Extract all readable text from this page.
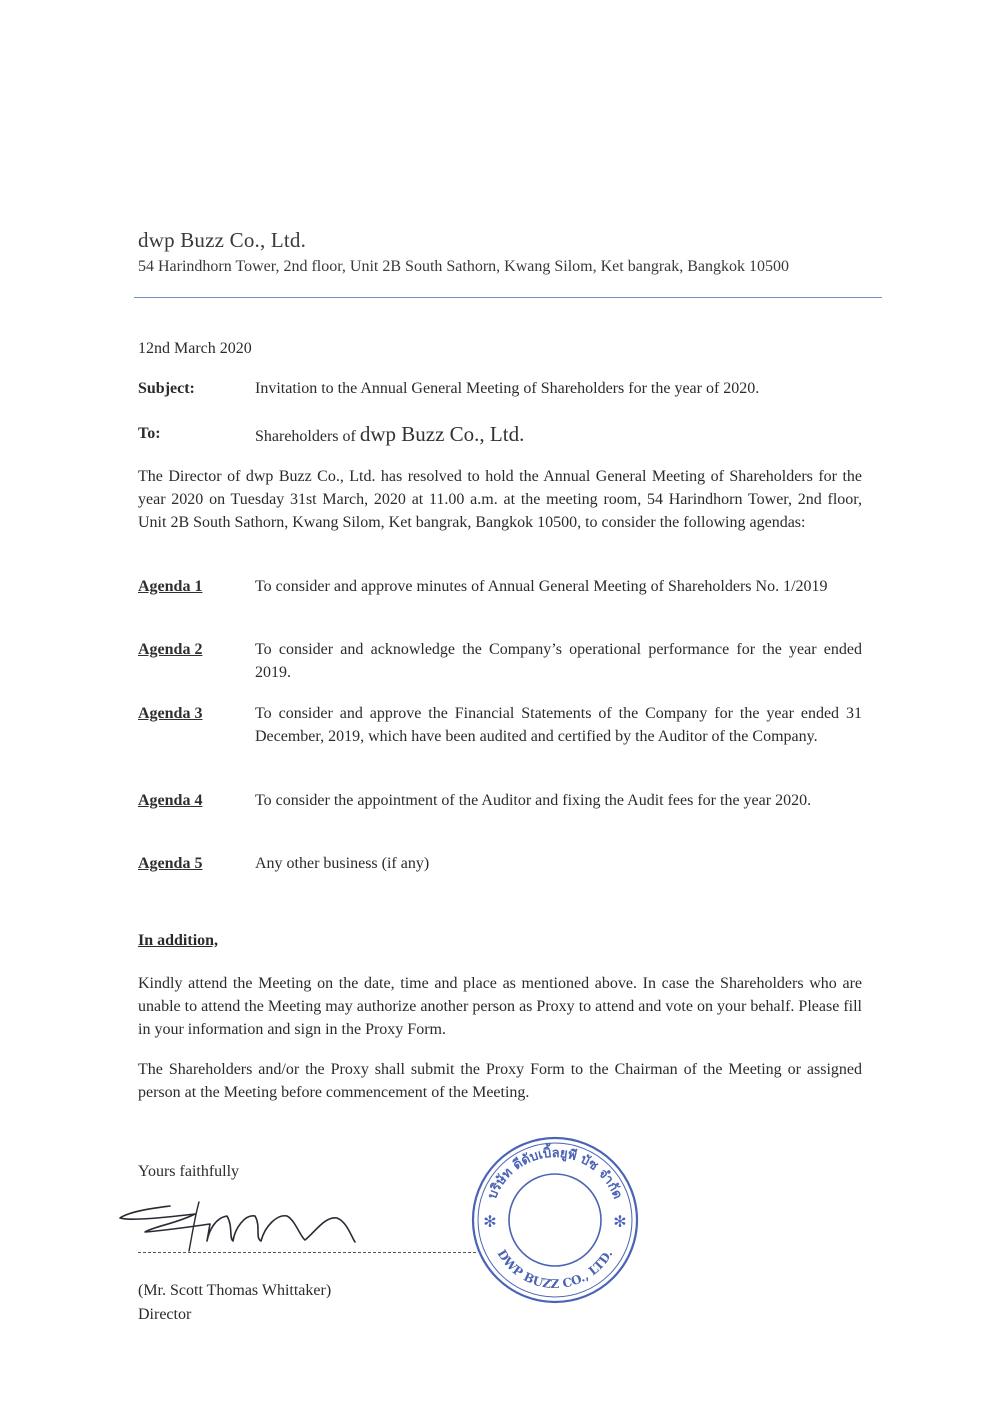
dwp Buzz Co., Ltd.
54 Harindhorn Tower, 2nd floor, Unit 2B South Sathorn, Kwang Silom, Ket bangrak, Bangkok 10500
12nd March 2020
Subject:	Invitation to the Annual General Meeting of Shareholders for the year of 2020.
To:	Shareholders of dwp Buzz Co., Ltd.

The Director of dwp Buzz Co., Ltd. has resolved to hold the Annual General Meeting of Shareholders for the year 2020 on Tuesday 31st March, 2020 at 11.00 a.m. at the meeting room, 54 Harindhorn Tower, 2nd floor, Unit 2B South Sathorn, Kwang Silom, Ket bangrak, Bangkok 10500, to consider the following agendas:

Agenda 1	To consider and approve minutes of Annual General Meeting of Shareholders No. 1/2019
Agenda 2	To consider and acknowledge the Company’s operational performance for the year ended 2019.
Agenda 3	To consider and approve the Financial Statements of the Company for the year ended 31 December, 2019, which have been audited and certified by the Auditor of the Company.
Agenda 4	To consider the appointment of the Auditor and fixing the Audit fees for the year 2020.
Agenda 5	Any other business (if any)
In addition,

Kindly attend the Meeting on the date, time and place as mentioned above. In case the Shareholders who are unable to attend the Meeting may authorize another person as Proxy to attend and vote on your behalf. Please fill in your information and sign in the Proxy Form.

The Shareholders and/or the Proxy shall submit the Proxy Form to the Chairman of the Meeting or assigned person at the Meeting before commencement of the Meeting.

Yours faithfully
(Mr. Scott Thomas Whittaker)
Director
บริษัท ดีดับเบิ้ลยูพี บัซ จำกัด
DWP BUZZ CO., LTD.
✻	✻
